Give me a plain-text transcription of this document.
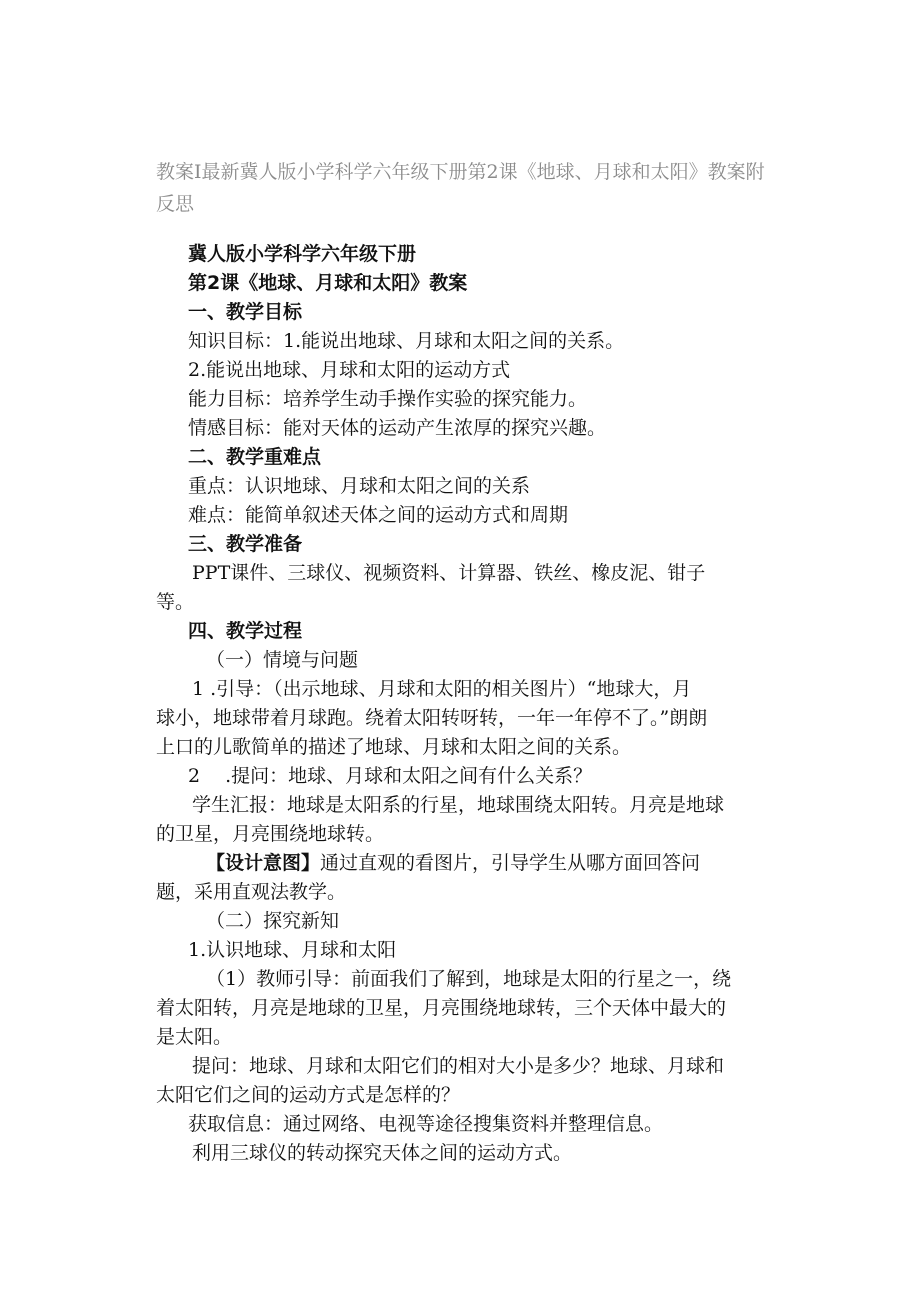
教案I最新冀人版小学科学六年级下册第2课《地球、月球和太阳》教案附反思

冀人版小学科学六年级下册

第2课《地球、月球和太阳》教案

一、教学目标

知识目标：1.能说出地球、月球和太阳之间的关系。

2.能说出地球、月球和太阳的运动方式

能力目标：培养学生动手操作实验的探究能力。

情感目标：能对天体的运动产生浓厚的探究兴趣。

二、教学重难点

重点：认识地球、月球和太阳之间的关系

难点：能简单叙述天体之间的运动方式和周期

三、教学准备

PPT课件、三球仪、视频资料、计算器、铁丝、橡皮泥、钳子

等。

四、教学过程

（一）情境与问题

1 .引导：（出示地球、月球和太阳的相关图片）“地球大，月

球小，地球带着月球跑。绕着太阳转呀转，一年一年停不了。”朗朗

上口的儿歌简单的描述了地球、月球和太阳之间的关系。

2　 .提问：地球、月球和太阳之间有什么关系？

学生汇报：地球是太阳系的行星，地球围绕太阳转。月亮是地球

的卫星，月亮围绕地球转。

【设计意图】通过直观的看图片，引导学生从哪方面回答问

题，采用直观法教学。

（二）探究新知

1.认识地球、月球和太阳

（1）教师引导：前面我们了解到，地球是太阳的行星之一，绕

着太阳转，月亮是地球的卫星，月亮围绕地球转，三个天体中最大的

是太阳。

提问：地球、月球和太阳它们的相对大小是多少？地球、月球和

太阳它们之间的运动方式是怎样的？

获取信息：通过网络、电视等途径搜集资料并整理信息。

利用三球仪的转动探究天体之间的运动方式。
